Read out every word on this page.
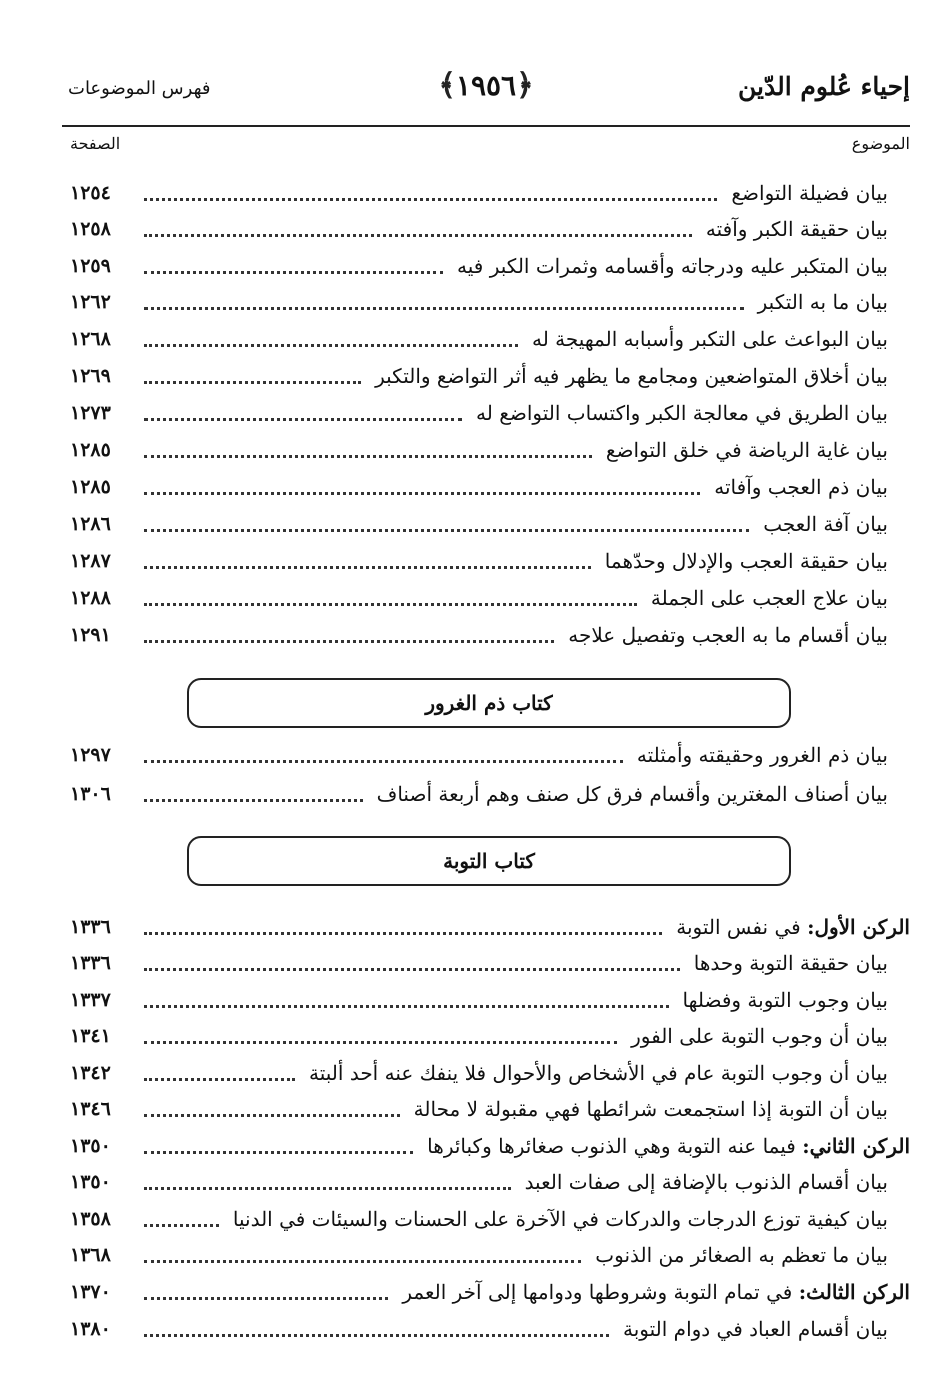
إحياء عُلوم الدّين
﴿١٩٥٦﴾
فهرس الموضوعات
الموضوع
الصفحة
بيان فضيلة التواضع
١٢٥٤
بيان حقيقة الكبر وآفته
١٢٥٨
بيان المتكبر عليه ودرجاته وأقسامه وثمرات الكبر فيه
١٢٥٩
بيان ما به التكبر
١٢٦٢
بيان البواعث على التكبر وأسبابه المهيجة له
١٢٦٨
بيان أخلاق المتواضعين ومجامع ما يظهر فيه أثر التواضع والتكبر
١٢٦٩
بيان الطريق في معالجة الكبر واكتساب التواضع له
١٢٧٣
بيان غاية الرياضة في خلق التواضع
١٢٨٥
بيان ذم العجب وآفاته
١٢٨٥
بيان آفة العجب
١٢٨٦
بيان حقيقة العجب والإدلال وحدّهما
١٢٨٧
بيان علاج العجب على الجملة
١٢٨٨
بيان أقسام ما به العجب وتفصيل علاجه
١٢٩١
كتاب ذم الغرور
بيان ذم الغرور وحقيقته وأمثلته
١٢٩٧
بيان أصناف المغترين وأقسام فرق كل صنف وهم أربعة أصناف
١٣٠٦
كتاب التوبة
الركن الأول: في نفس التوبة
١٣٣٦
بيان حقيقة التوبة وحدها
١٣٣٦
بيان وجوب التوبة وفضلها
١٣٣٧
بيان أن وجوب التوبة على الفور
١٣٤١
بيان أن وجوب التوبة عام في الأشخاص والأحوال فلا ينفك عنه أحد ألبتة
١٣٤٢
بيان أن التوبة إذا استجمعت شرائطها فهي مقبولة لا محالة
١٣٤٦
الركن الثاني: فيما عنه التوبة وهي الذنوب صغائرها وكبائرها
١٣٥٠
بيان أقسام الذنوب بالإضافة إلى صفات العبد
١٣٥٠
بيان كيفية توزع الدرجات والدركات في الآخرة على الحسنات والسيئات في الدنيا
١٣٥٨
بيان ما تعظم به الصغائر من الذنوب
١٣٦٨
الركن الثالث: في تمام التوبة وشروطها ودوامها إلى آخر العمر
١٣٧٠
بيان أقسام العباد في دوام التوبة
١٣٨٠
